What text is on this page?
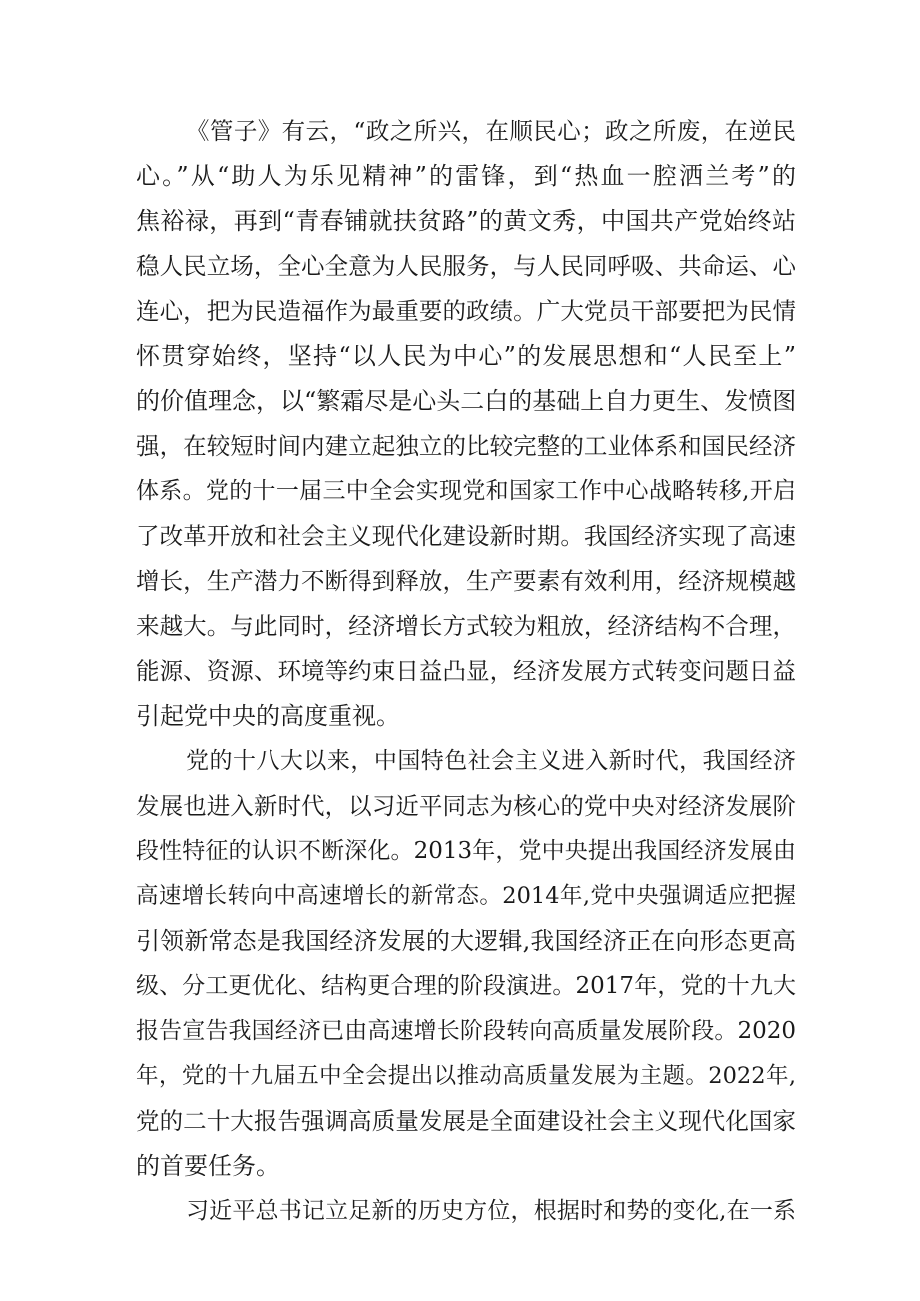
《管子》有云，“政之所兴，在顺民心；政之所废，在逆民
心。”从“助人为乐见精神”的雷锋，到“热血一腔洒兰考”的
焦裕禄，再到“青春铺就扶贫路”的黄文秀，中国共产党始终站
稳人民立场，全心全意为人民服务，与人民同呼吸、共命运、心
连心，把为民造福作为最重要的政绩。广大党员干部要把为民情
怀贯穿始终，坚持“以人民为中心”的发展思想和“人民至上”
的价值理念，以“繁霜尽是心头二白的基础上自力更生、发愤图
强，在较短时间内建立起独立的比较完整的工业体系和国民经济
体系。党的十一届三中全会实现党和国家工作中心战略转移,开启
了改革开放和社会主义现代化建设新时期。我国经济实现了高速
增长，生产潜力不断得到释放，生产要素有效利用，经济规模越
来越大。与此同时，经济增长方式较为粗放，经济结构不合理，
能源、资源、环境等约束日益凸显，经济发展方式转变问题日益
引起党中央的高度重视。
党的十八大以来，中国特色社会主义进入新时代，我国经济
发展也进入新时代，以习近平同志为核心的党中央对经济发展阶
段性特征的认识不断深化。2013年，党中央提出我国经济发展由
高速增长转向中高速增长的新常态。2014年,党中央强调适应把握
引领新常态是我国经济发展的大逻辑,我国经济正在向形态更高
级、分工更优化、结构更合理的阶段演进。2017年，党的十九大
报告宣告我国经济已由高速增长阶段转向高质量发展阶段。2020
年，党的十九届五中全会提出以推动高质量发展为主题。2022年,
党的二十大报告强调高质量发展是全面建设社会主义现代化国家
的首要任务。
习近平总书记立足新的历史方位，根据时和势的变化,在一系
